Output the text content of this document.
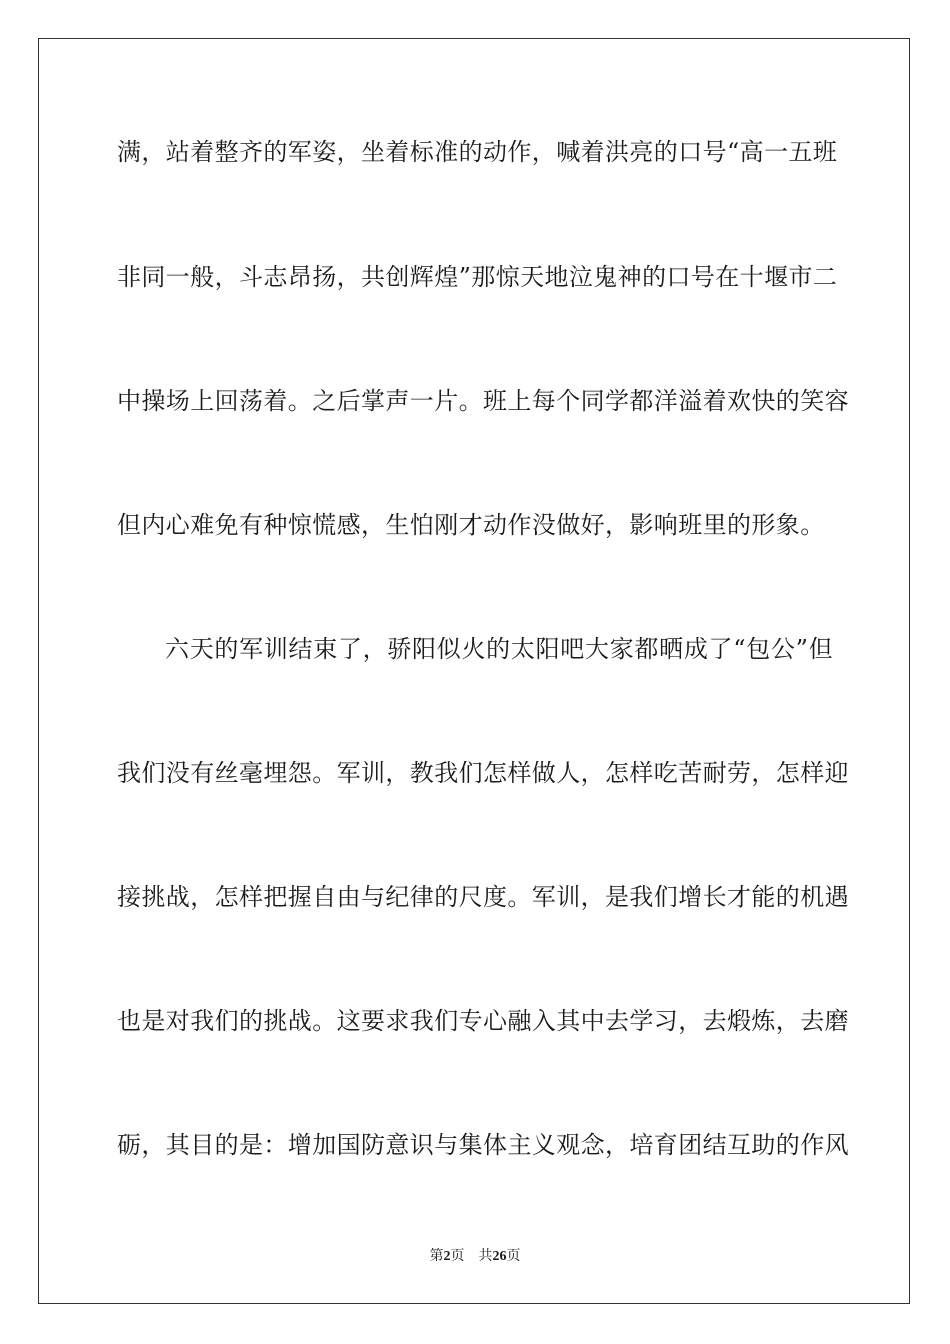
满，站着整齐的军姿，坐着标准的动作，喊着洪亮的口号“高一五班
非同一般，斗志昂扬，共创辉煌”那惊天地泣鬼神的口号在十堰市二
中操场上回荡着。之后掌声一片。班上每个同学都洋溢着欢快的笑容
但内心难免有种惊慌感，生怕刚才动作没做好，影响班里的形象。
六天的军训结束了，骄阳似火的太阳吧大家都晒成了“包公”但
我们没有丝毫埋怨。军训，教我们怎样做人，怎样吃苦耐劳，怎样迎
接挑战，怎样把握自由与纪律的尺度。军训，是我们增长才能的机遇
也是对我们的挑战。这要求我们专心融入其中去学习，去煅炼，去磨
砺，其目的是：增加国防意识与集体主义观念，培育团结互助的作风
第2页 共26页
